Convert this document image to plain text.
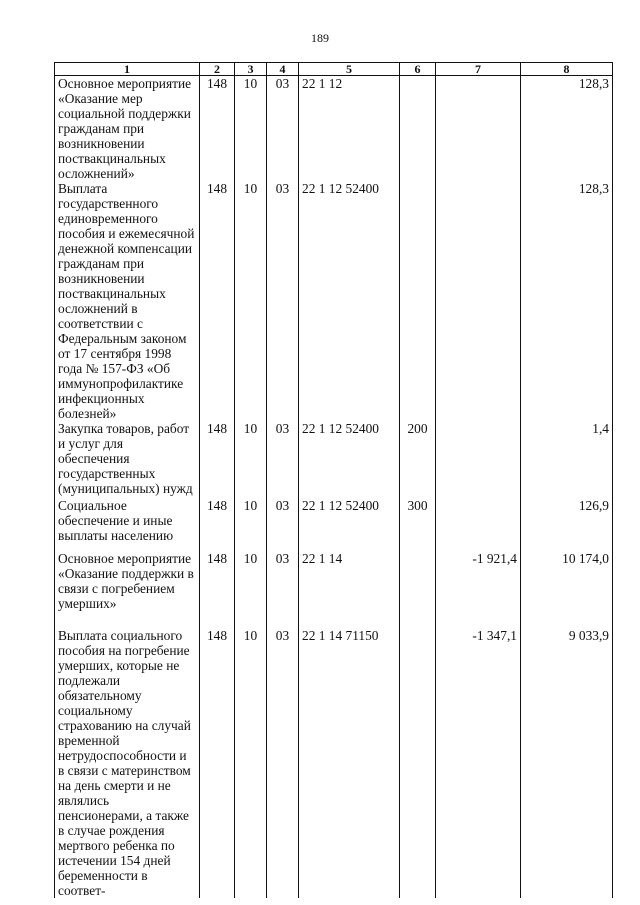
189
1	2	3	4	5	6	7	8

Основное мероприятие «Оказание мер социальной поддержки гражданам при возникновении поствакцинальных осложнений»	148	10	03	22 1 12			128,3

Выплата государственного единовременного пособия и ежемесячной денежной компенсации гражданам при возникновении поствакцинальных осложнений в соответствии с Федеральным законом от 17 сентября 1998 года № 157-ФЗ «Об иммунопрофилактике инфекционных болезней»	148	10	03	22 1 12 52400			128,3

Закупка товаров, работ и услуг для обеспечения государственных (муниципальных) нужд	148	10	03	22 1 12 52400	200		1,4

Социальное обеспечение и иные выплаты населению	148	10	03	22 1 12 52400	300		126,9

Основное мероприятие «Оказание поддержки в связи с погребением умерших»	148	10	03	22 1 14		-1 921,4	10 174,0

Выплата социального пособия на погребение умерших, которые не подлежали обязательному социальному страхованию на случай временной нетрудоспособности и в связи с материнством на день смерти и не являлись пенсионерами, а также в случае рождения мертвого ребенка по истечении 154 дней беременности в соответ-	148	10	03	22 1 14 71150		-1 347,1	9 033,9
